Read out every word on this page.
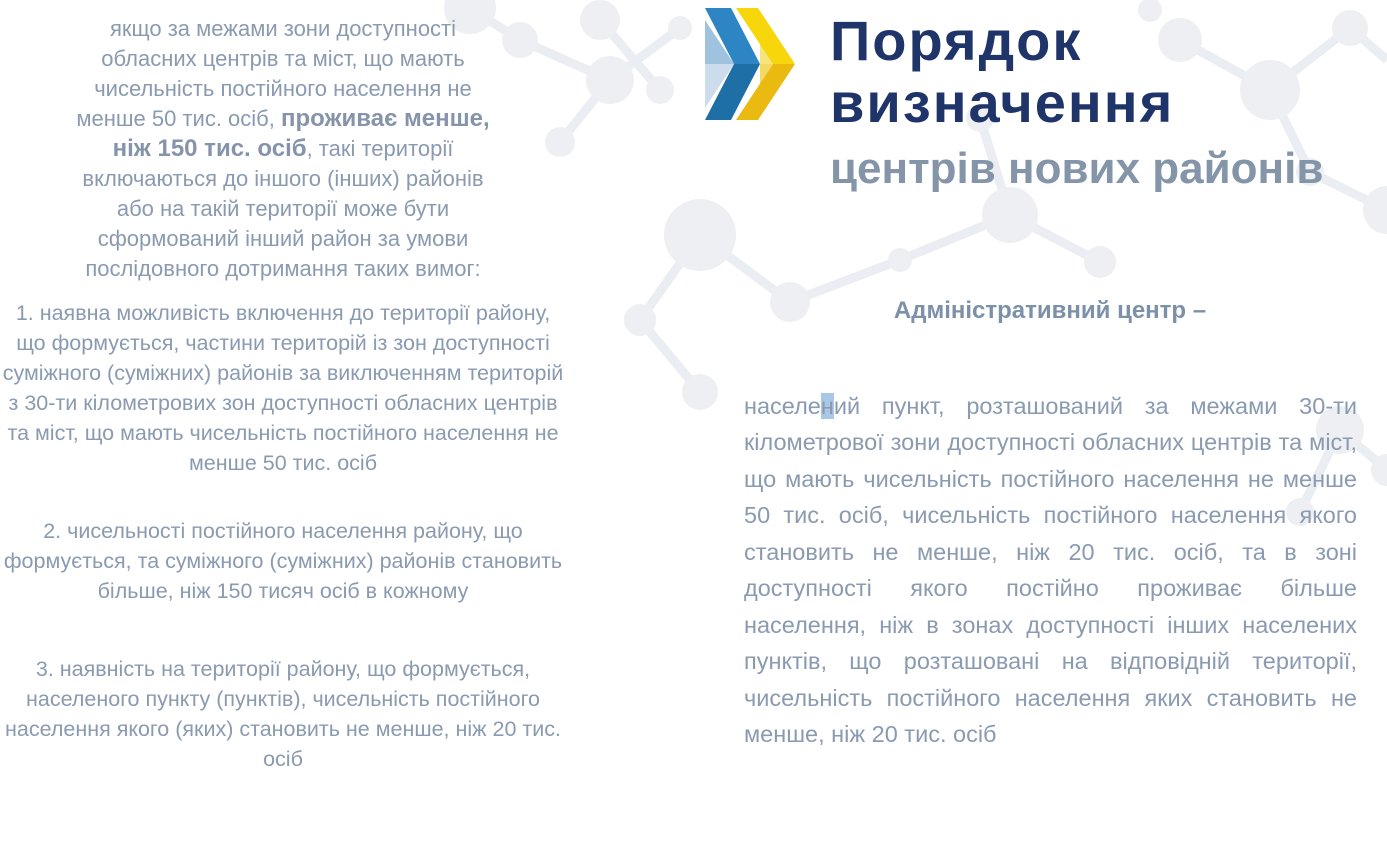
якщо за межами зони доступності обласних центрів та міст, що мають чисельність постійного населення не менше 50 тис. осіб, проживає менше, ніж 150 тис. осіб, такі території включаються до іншого (інших) районів або на такій території може бути сформований інший район за умови послідовного дотримання таких вимог:

1. наявна можливість включення до території району, що формується, частини територій із зон доступності суміжного (суміжних) районів за виключенням територій з 30-ти кілометрових зон доступності обласних центрів та міст, що мають чисельність постійного населення не менше 50 тис. осіб

2. чисельності постійного населення району, що формується, та суміжного (суміжних) районів становить більше, ніж 150 тисяч осіб в кожному

3. наявність на території району, що формується, населеного пункту (пунктів), чисельність постійного населення якого (яких) становить не менше, ніж 20 тис. осіб

Порядок
визначення
центрів нових районів
Адміністративний центр –

населений пункт, розташований за межами 30-ти кілометрової зони доступності обласних центрів та міст, що мають чисельність постійного населення не менше 50 тис. осіб, чисельність постійного населення якого становить не менше, ніж 20 тис. осіб, та в зоні доступності якого постійно проживає більше населення, ніж в зонах доступності інших населених пунктів, що розташовані на відповідній території, чисельність постійного населення яких становить не менше, ніж 20 тис. осіб
